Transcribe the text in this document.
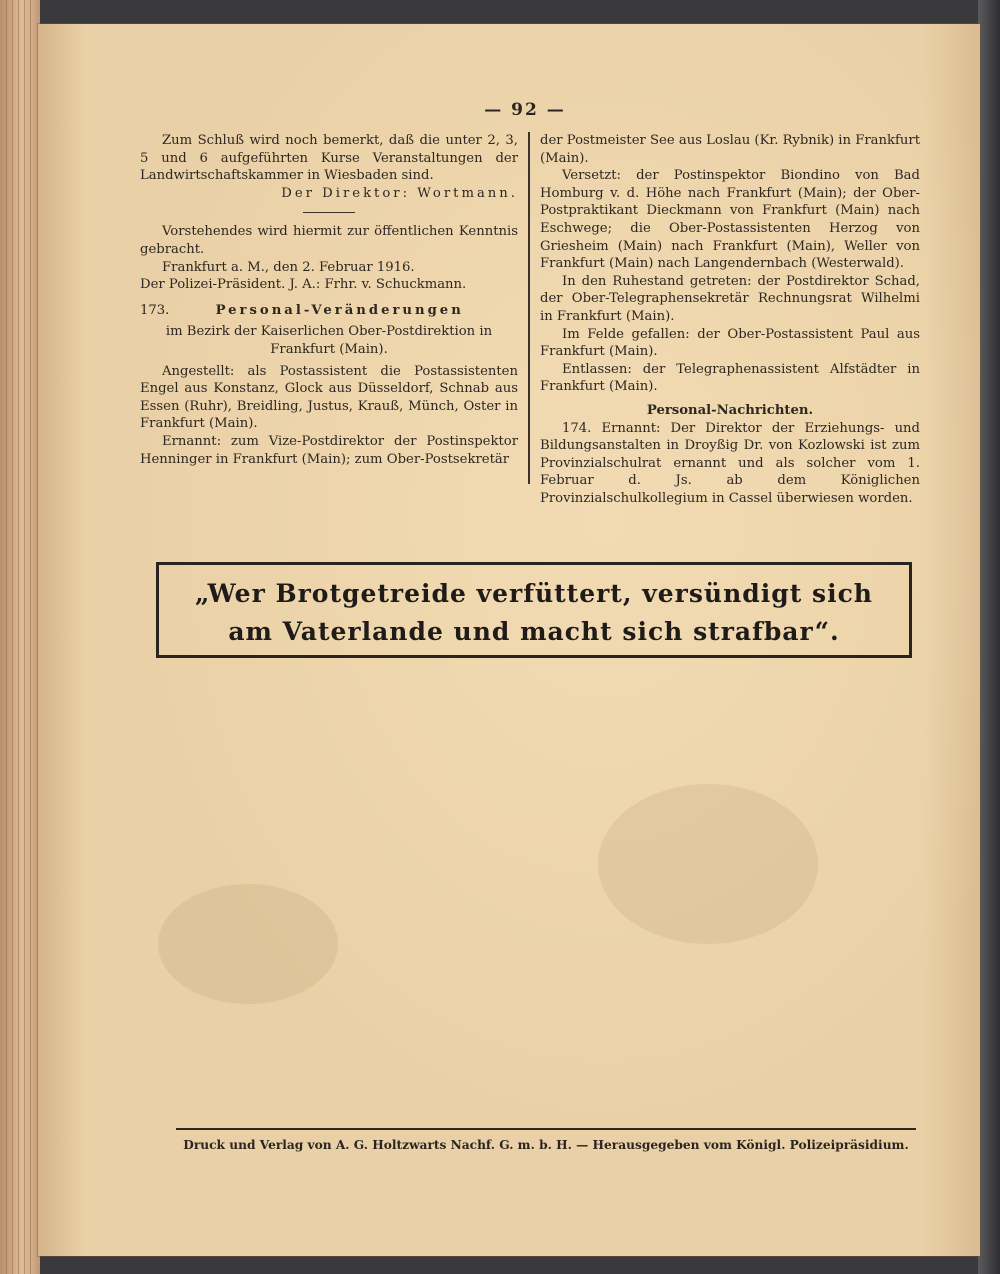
— 92 —

Zum Schluß wird noch bemerkt, daß die unter 2, 3, 5 und 6 aufgeführten Kurse Veranstaltungen der Landwirtschaftskammer in Wiesbaden sind.

Der Direktor: Wortmann.

Vorstehendes wird hiermit zur öffentlichen Kenntnis gebracht.

Frankfurt a. M., den 2. Februar 1916.

Der Polizei-Präsident. J. A.: Frhr. v. Schuckmann.

173.	Personal-Veränderungen

im Bezirk der Kaiserlichen Ober-Postdirektion in Frankfurt (Main).

Angestellt: als Postassistent die Postassistenten Engel aus Konstanz, Glock aus Düsseldorf, Schnab aus Essen (Ruhr), Breidling, Justus, Krauß, Münch, Oster in Frankfurt (Main).

Ernannt: zum Vize-Postdirektor der Postinspektor Henninger in Frankfurt (Main); zum Ober-Postsekretär

der Postmeister See aus Loslau (Kr. Rybnik) in Frankfurt (Main).

Versetzt: der Postinspektor Biondino von Bad Homburg v. d. Höhe nach Frankfurt (Main); der Ober-Postpraktikant Dieckmann von Frankfurt (Main) nach Eschwege; die Ober-Postassistenten Herzog von Griesheim (Main) nach Frankfurt (Main), Weller von Frankfurt (Main) nach Langendernbach (Westerwald).

In den Ruhestand getreten: der Postdirektor Schad, der Ober-Telegraphensekretär Rechnungsrat Wilhelmi in Frankfurt (Main).

Im Felde gefallen: der Ober-Postassistent Paul aus Frankfurt (Main).

Entlassen: der Telegraphenassistent Alfstädter in Frankfurt (Main).

Personal-Nachrichten.

174. Ernannt: Der Direktor der Erziehungs- und Bildungsanstalten in Droyßig Dr. von Kozlowski ist zum Provinzialschulrat ernannt und als solcher vom 1. Februar d. Js. ab dem Königlichen Provinzialschulkollegium in Cassel überwiesen worden.

„Wer Brotgetreide verfüttert, versündigt sich
am Vaterlande und macht sich strafbar“.
Druck und Verlag von A. G. Holtzwarts Nachf. G. m. b. H. — Herausgegeben vom Königl. Polizeipräsidium.
